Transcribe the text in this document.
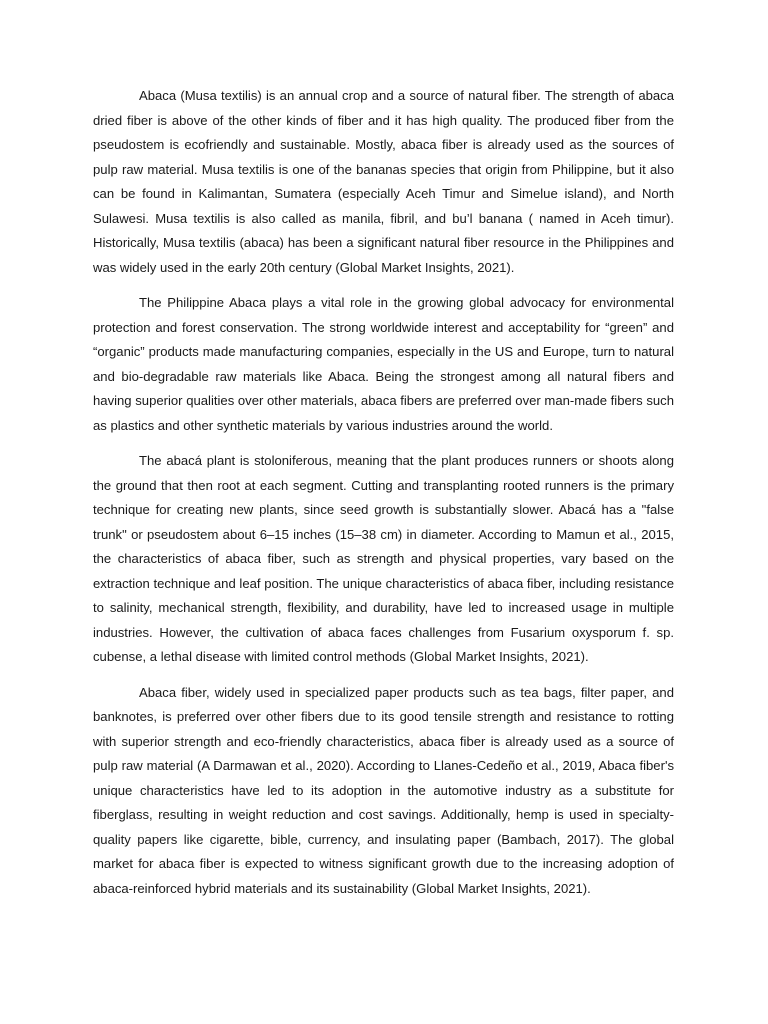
Abaca (Musa textilis) is an annual crop and a source of natural fiber. The strength of abaca dried fiber is above of the other kinds of fiber and it has high quality. The produced fiber from the pseudostem is ecofriendly and sustainable. Mostly, abaca fiber is already used as the sources of pulp raw material. Musa textilis is one of the bananas species that origin from Philippine, but it also can be found in Kalimantan, Sumatera (especially Aceh Timur and Simelue island), and North Sulawesi. Musa textilis is also called as manila, fibril, and bu’l banana ( named in Aceh timur). Historically, Musa textilis (abaca) has been a significant natural fiber resource in the Philippines and was widely used in the early 20th century (Global Market Insights, 2021).

The Philippine Abaca plays a vital role in the growing global advocacy for environmental protection and forest conservation. The strong worldwide interest and acceptability for “green” and “organic” products made manufacturing companies, especially in the US and Europe, turn to natural and bio-degradable raw materials like Abaca. Being the strongest among all natural fibers and having superior qualities over other materials, abaca fibers are preferred over man-made fibers such as plastics and other synthetic materials by various industries around the world.

The abacá plant is stoloniferous, meaning that the plant produces runners or shoots along the ground that then root at each segment. Cutting and transplanting rooted runners is the primary technique for creating new plants, since seed growth is substantially slower. Abacá has a "false trunk" or pseudostem about 6–15 inches (15–38 cm) in diameter. According to Mamun et al., 2015, the characteristics of abaca fiber, such as strength and physical properties, vary based on the extraction technique and leaf position. The unique characteristics of abaca fiber, including resistance to salinity, mechanical strength, flexibility, and durability, have led to increased usage in multiple industries. However, the cultivation of abaca faces challenges from Fusarium oxysporum f. sp. cubense, a lethal disease with limited control methods (Global Market Insights, 2021).

Abaca fiber, widely used in specialized paper products such as tea bags, filter paper, and banknotes, is preferred over other fibers due to its good tensile strength and resistance to rotting with superior strength and eco-friendly characteristics, abaca fiber is already used as a source of pulp raw material (A Darmawan et al., 2020). According to Llanes-Cedeño et al., 2019, Abaca fiber's unique characteristics have led to its adoption in the automotive industry as a substitute for fiberglass, resulting in weight reduction and cost savings. Additionally, hemp is used in specialty-quality papers like cigarette, bible, currency, and insulating paper (Bambach, 2017). The global market for abaca fiber is expected to witness significant growth due to the increasing adoption of abaca-reinforced hybrid materials and its sustainability (Global Market Insights, 2021).
